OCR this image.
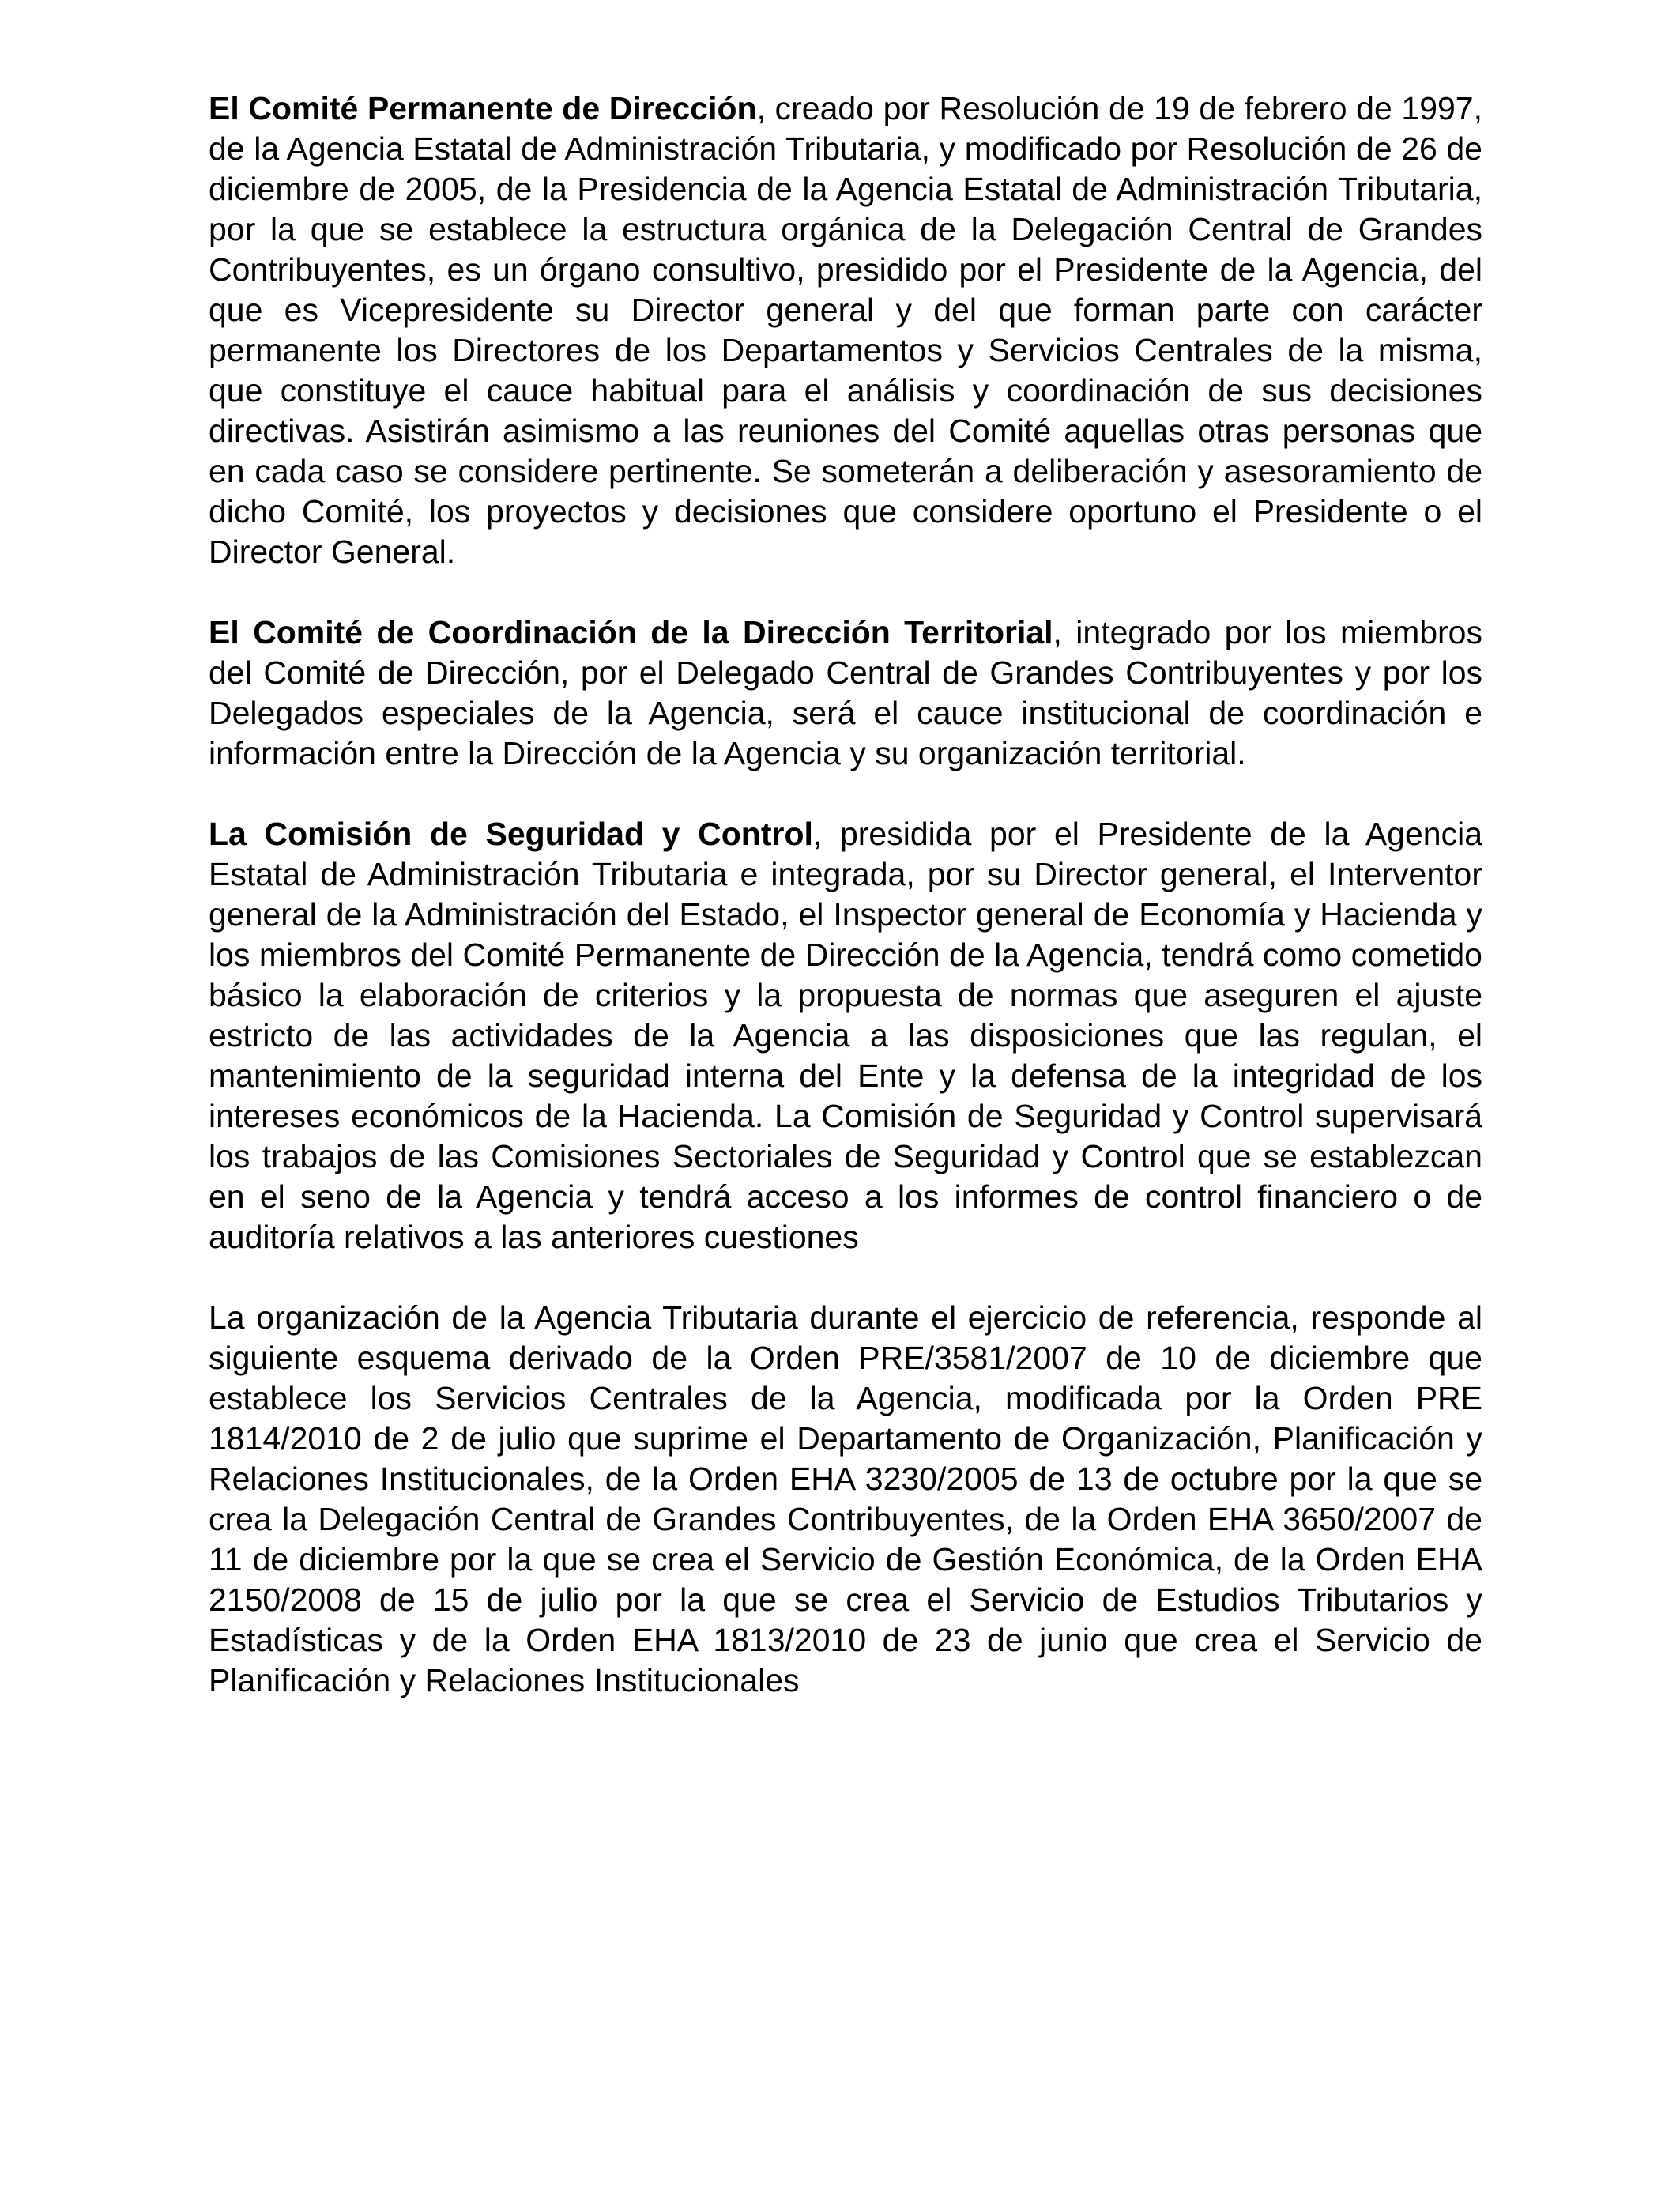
El Comité Permanente de Dirección, creado por Resolución de 19 de febrero de 1997, de la Agencia Estatal de Administración Tributaria, y modificado por Resolución de 26 de diciembre de 2005, de la Presidencia de la Agencia Estatal de Administración Tributaria, por la que se establece la estructura orgánica de la Delegación Central de Grandes Contribuyentes, es un órgano consultivo, presidido por el Presidente de la Agencia, del que es Vicepresidente su Director general y del que forman parte con carácter permanente los Directores de los Departamentos y Servicios Centrales de la misma, que constituye el cauce habitual para el análisis y coordinación de sus decisiones directivas. Asistirán asimismo a las reuniones del Comité aquellas otras personas que en cada caso se considere pertinente. Se someterán a deliberación y asesoramiento de dicho Comité, los proyectos y decisiones que considere oportuno el Presidente o el Director General.

El Comité de Coordinación de la Dirección Territorial, integrado por los miembros del Comité de Dirección, por el Delegado Central de Grandes Contribuyentes y por los Delegados especiales de la Agencia, será el cauce institucional de coordinación e información entre la Dirección de la Agencia y su organización territorial.

La Comisión de Seguridad y Control, presidida por el Presidente de la Agencia Estatal de Administración Tributaria e integrada, por su Director general, el Interventor general de la Administración del Estado, el Inspector general de Economía y Hacienda y los miembros del Comité Permanente de Dirección de la Agencia, tendrá como cometido básico la elaboración de criterios y la propuesta de normas que aseguren el ajuste estricto de las actividades de la Agencia a las disposiciones que las regulan, el mantenimiento de la seguridad interna del Ente y la defensa de la integridad de los intereses económicos de la Hacienda. La Comisión de Seguridad y Control supervisará los trabajos de las Comisiones Sectoriales de Seguridad y Control que se establezcan en el seno de la Agencia y tendrá acceso a los informes de control financiero o de auditoría relativos a las anteriores cuestiones

La organización de la Agencia Tributaria durante el ejercicio de referencia, responde al siguiente esquema derivado de la Orden PRE/3581/2007 de 10 de diciembre que establece los Servicios Centrales de la Agencia, modificada por la Orden PRE 1814/2010 de 2 de julio que suprime el Departamento de Organización, Planificación y Relaciones Institucionales, de la Orden EHA 3230/2005 de 13 de octubre por la que se crea la Delegación Central de Grandes Contribuyentes, de la Orden EHA 3650/2007 de 11 de diciembre por la que se crea el Servicio de Gestión Económica, de la Orden EHA 2150/2008 de 15 de julio por la que se crea el Servicio de Estudios Tributarios y Estadísticas y de la Orden EHA 1813/2010 de 23 de junio que crea el Servicio de Planificación y Relaciones Institucionales
